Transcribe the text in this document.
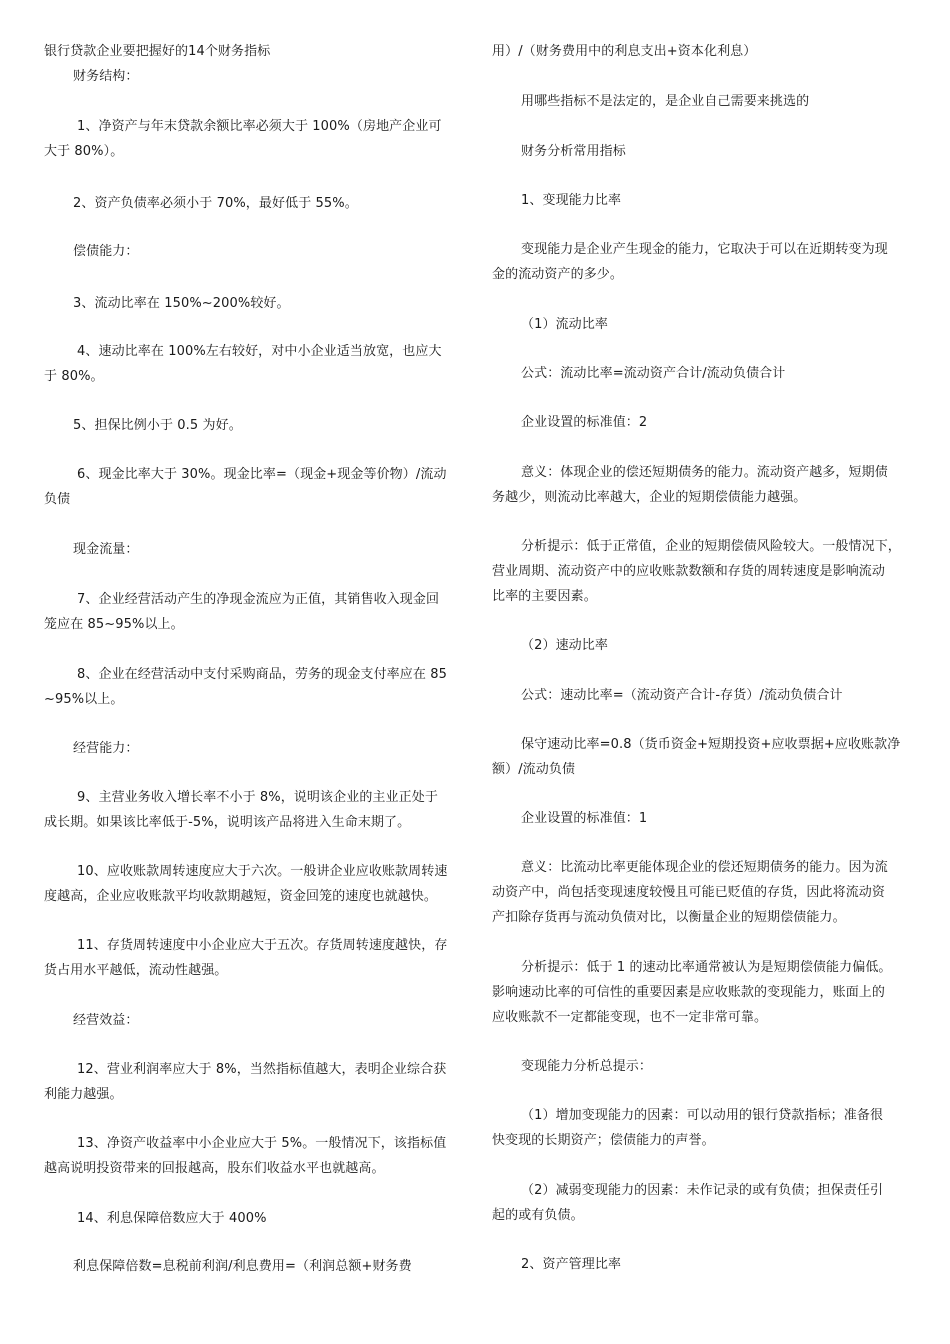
银行贷款企业要把握好的14个财务指标
财务结构：
1、净资产与年末贷款余额比率必须大于 100%（房地产企业可
大于 80%）。
2、资产负债率必须小于 70%，最好低于 55%。
偿债能力：
3、流动比率在 150%~200%较好。
4、速动比率在 100%左右较好，对中小企业适当放宽，也应大
于 80%。
5、担保比例小于 0.5 为好。
6、现金比率大于 30%。现金比率=（现金+现金等价物）/流动
负债
现金流量：
7、企业经营活动产生的净现金流应为正值，其销售收入现金回
笼应在 85~95%以上。
8、企业在经营活动中支付采购商品，劳务的现金支付率应在 85
~95%以上。
经营能力：
9、主营业务收入增长率不小于 8%，说明该企业的主业正处于
成长期。如果该比率低于-5%，说明该产品将进入生命末期了。
10、应收账款周转速度应大于六次。一般讲企业应收账款周转速
度越高，企业应收账款平均收款期越短，资金回笼的速度也就越快。
11、存货周转速度中小企业应大于五次。存货周转速度越快，存
货占用水平越低，流动性越强。
经营效益：
12、营业利润率应大于 8%，当然指标值越大，表明企业综合获
利能力越强。
13、净资产收益率中小企业应大于 5%。一般情况下，该指标值
越高说明投资带来的回报越高，股东们收益水平也就越高。
14、利息保障倍数应大于 400%
利息保障倍数=息税前利润/利息费用=（利润总额+财务费
用）/（财务费用中的利息支出+资本化利息）
用哪些指标不是法定的，是企业自己需要来挑选的
财务分析常用指标
1、变现能力比率
变现能力是企业产生现金的能力，它取决于可以在近期转变为现
金的流动资产的多少。
（1）流动比率
公式：流动比率=流动资产合计/流动负债合计
企业设置的标准值：2
意义：体现企业的偿还短期债务的能力。流动资产越多，短期债
务越少，则流动比率越大，企业的短期偿债能力越强。
分析提示：低于正常值，企业的短期偿债风险较大。一般情况下，
营业周期、流动资产中的应收账款数额和存货的周转速度是影响流动
比率的主要因素。
（2）速动比率
公式：速动比率=（流动资产合计-存货）/流动负债合计
保守速动比率=0.8（货币资金+短期投资+应收票据+应收账款净
额）/流动负债
企业设置的标准值：1
意义：比流动比率更能体现企业的偿还短期债务的能力。因为流
动资产中，尚包括变现速度较慢且可能已贬值的存货，因此将流动资
产扣除存货再与流动负债对比，以衡量企业的短期偿债能力。
分析提示：低于 1 的速动比率通常被认为是短期偿债能力偏低。
影响速动比率的可信性的重要因素是应收账款的变现能力，账面上的
应收账款不一定都能变现，也不一定非常可靠。
变现能力分析总提示：
（1）增加变现能力的因素：可以动用的银行贷款指标；准备很
快变现的长期资产；偿债能力的声誉。
（2）减弱变现能力的因素：未作记录的或有负债；担保责任引
起的或有负债。
2、资产管理比率
